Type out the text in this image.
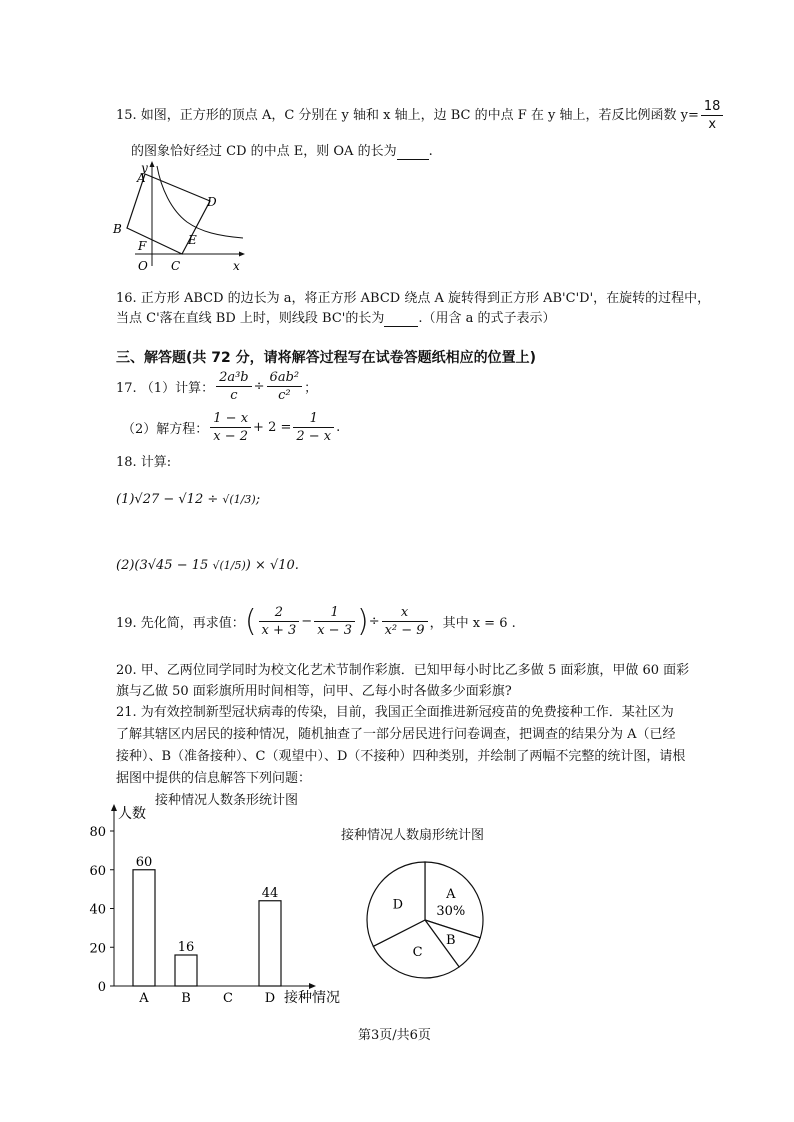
15. 如图，正方形的顶点 A，C 分别在 y 轴和 x 轴上，边 BC 的中点 F 在 y 轴上，若反比例函数 $y= \frac{18}{x}$
的图象恰好经过 CD 的中点 E，则 OA 的长为 .
y
A
D
B
F	E
O C	x
16. 正方形 ABCD 的边长为 a，将正方形 ABCD 绕点 A 旋转得到正方形 AB'C'D'，在旋转的过程中，
当点 C'落在直线 BD 上时，则线段 BC'的长为	.（用含 a 的式子表示）
三、解答题(共 72 分，请将解答过程写在试卷答题纸相应的位置上)
17. （1）计算： $\frac{\text{2a³b}}{c} \div \frac{\text{6ab²}}{\text{c²}}$ ；
（2）解方程： $\frac{1 - x}{x - 2} + 2 = \frac{1}{2 - x}$ .
18. 计算:
(1)√27 − √12 ÷ √(1/3);
(2)(3√45 − 15 √(1/5)) × √10.
19. 先化简，再求值：( $\frac{2}{x + 3} - \frac{1}{x - 3}$ )÷ $\frac{x}{\text{x² − 9}}$ ，其中 x = 6 .
20. 甲、乙两位同学同时为校文化艺术节制作彩旗．已知甲每小时比乙多做 5 面彩旗，甲做 60 面彩
旗与乙做 50 面彩旗所用时间相等，问甲、乙每小时各做多少面彩旗?
21. 为有效控制新型冠状病毒的传染，目前，我国正全面推进新冠疫苗的免费接种工作．某社区为
了解其辖区内居民的接种情况，随机抽查了一部分居民进行问卷调查，把调查的结果分为 A（已经
接种）、B（准备接种）、C（观望中）、D（不接种）四种类别，并绘制了两幅不完整的统计图，请根
据图中提供的信息解答下列问题：
接种情况人数条形统计图
人数
接种情况
0
20
40
60
80
60
A
16
B C
44
D
接种情况人数扇形统计图
A
30%
B
C
D
第3页/共6页
